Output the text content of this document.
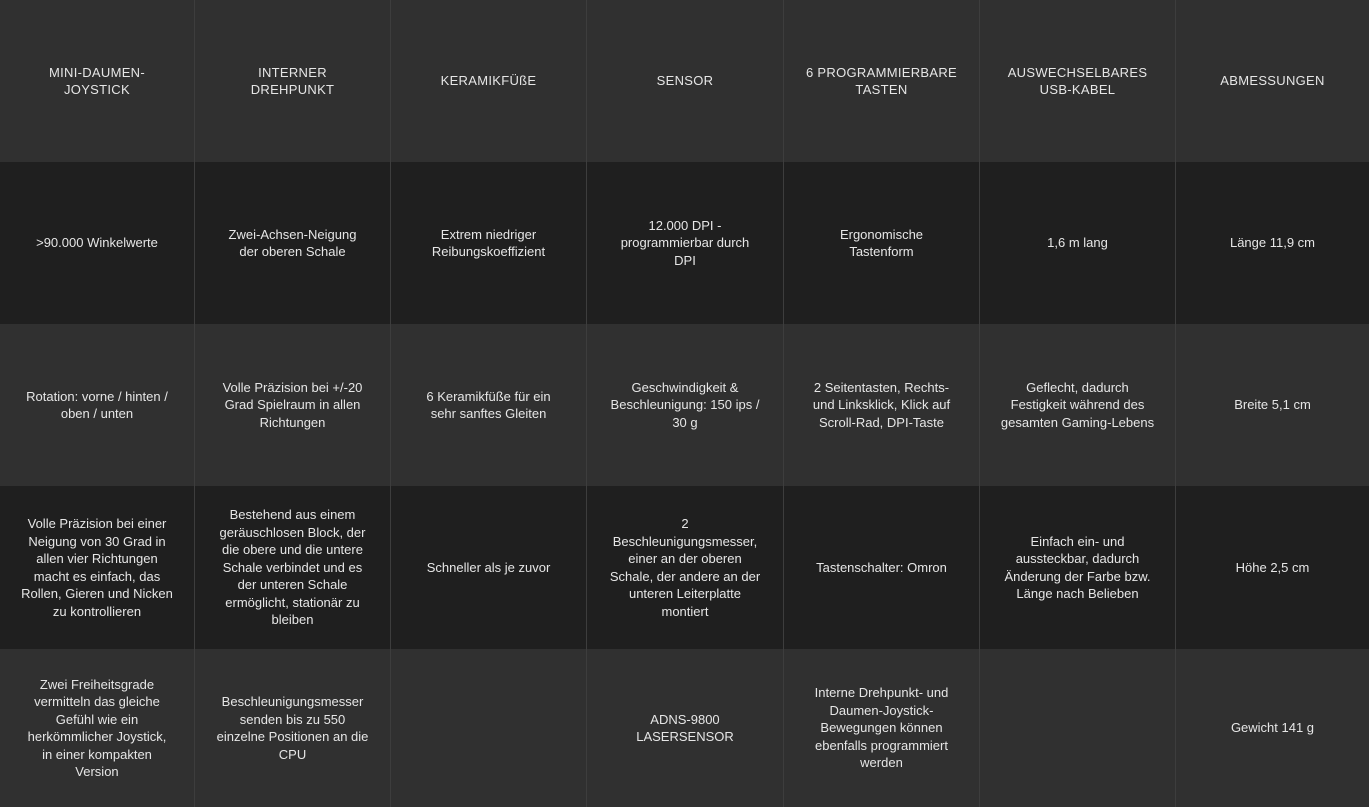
MINI-DAUMEN-
JOYSTICK
INTERNER
DREHPUNKT
KERAMIKFÜßE	SENSOR
6 PROGRAMMIERBARE
TASTEN
AUSWECHSELBARES
USB-KABEL
ABMESSUNGEN
>90.000 Winkelwerte
Zwei-Achsen-Neigung
der oberen Schale
Extrem niedriger
Reibungskoeffizient
12.000 DPI -
programmierbar durch
DPI
Ergonomische
Tastenform
1,6 m lang	Länge 11,9 cm
Rotation: vorne / hinten /
oben / unten
Volle Präzision bei +/-20
Grad Spielraum in allen
Richtungen
6 Keramikfüße für ein
sehr sanftes Gleiten
Geschwindigkeit &
Beschleunigung: 150 ips /
30 g
2 Seitentasten, Rechts-
und Linksklick, Klick auf
Scroll-Rad, DPI-Taste
Geflecht, dadurch
Festigkeit während des
gesamten Gaming-Lebens
Breite 5,1 cm
Volle Präzision bei einer
Neigung von 30 Grad in
allen vier Richtungen
macht es einfach, das
Rollen, Gieren und Nicken
zu kontrollieren
Bestehend aus einem
geräuschlosen Block, der
die obere und die untere
Schale verbindet und es
der unteren Schale
ermöglicht, stationär zu
bleiben
Schneller als je zuvor
2
Beschleunigungsmesser,
einer an der oberen
Schale, der andere an der
unteren Leiterplatte
montiert
Tastenschalter: Omron
Einfach ein- und
aussteckbar, dadurch
Änderung der Farbe bzw.
Länge nach Belieben
Höhe 2,5 cm
Zwei Freiheitsgrade
vermitteln das gleiche
Gefühl wie ein
herkömmlicher Joystick,
in einer kompakten
Version
Beschleunigungsmesser
senden bis zu 550
einzelne Positionen an die
CPU
ADNS-9800
LASERSENSOR
Interne Drehpunkt- und
Daumen-Joystick-
Bewegungen können
ebenfalls programmiert
werden
Gewicht 141 g
